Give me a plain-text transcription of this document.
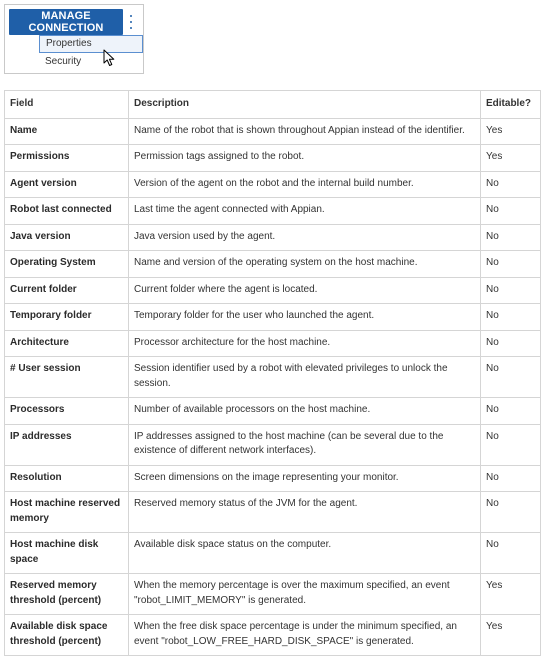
MANAGE CONNECTION
Properties
Security
Field	Description	Editable?
Name	Name of the robot that is shown throughout Appian instead of the identifier.	Yes
Permissions	Permission tags assigned to the robot.	Yes
Agent version	Version of the agent on the robot and the internal build number.	No
Robot last connected	Last time the agent connected with Appian.	No
Java version	Java version used by the agent.	No
Operating System	Name and version of the operating system on the host machine.	No
Current folder	Current folder where the agent is located.	No
Temporary folder	Temporary folder for the user who launched the agent.	No
Architecture	Processor architecture for the host machine.	No
# User session	Session identifier used by a robot with elevated privileges to unlock the session.	No
Processors	Number of available processors on the host machine.	No
IP addresses	IP addresses assigned to the host machine (can be several due to the existence of different network interfaces).	No
Resolution	Screen dimensions on the image representing your monitor.	No
Host machine reserved memory	Reserved memory status of the JVM for the agent.	No
Host machine disk space	Available disk space status on the computer.	No
Reserved memory threshold (percent)	When the memory percentage is over the maximum specified, an event "robot_LIMIT_MEMORY" is generated.	Yes
Available disk space threshold (percent)	When the free disk space percentage is under the minimum specified, an event "robot_LOW_FREE_HARD_DISK_SPACE" is generated.	Yes
